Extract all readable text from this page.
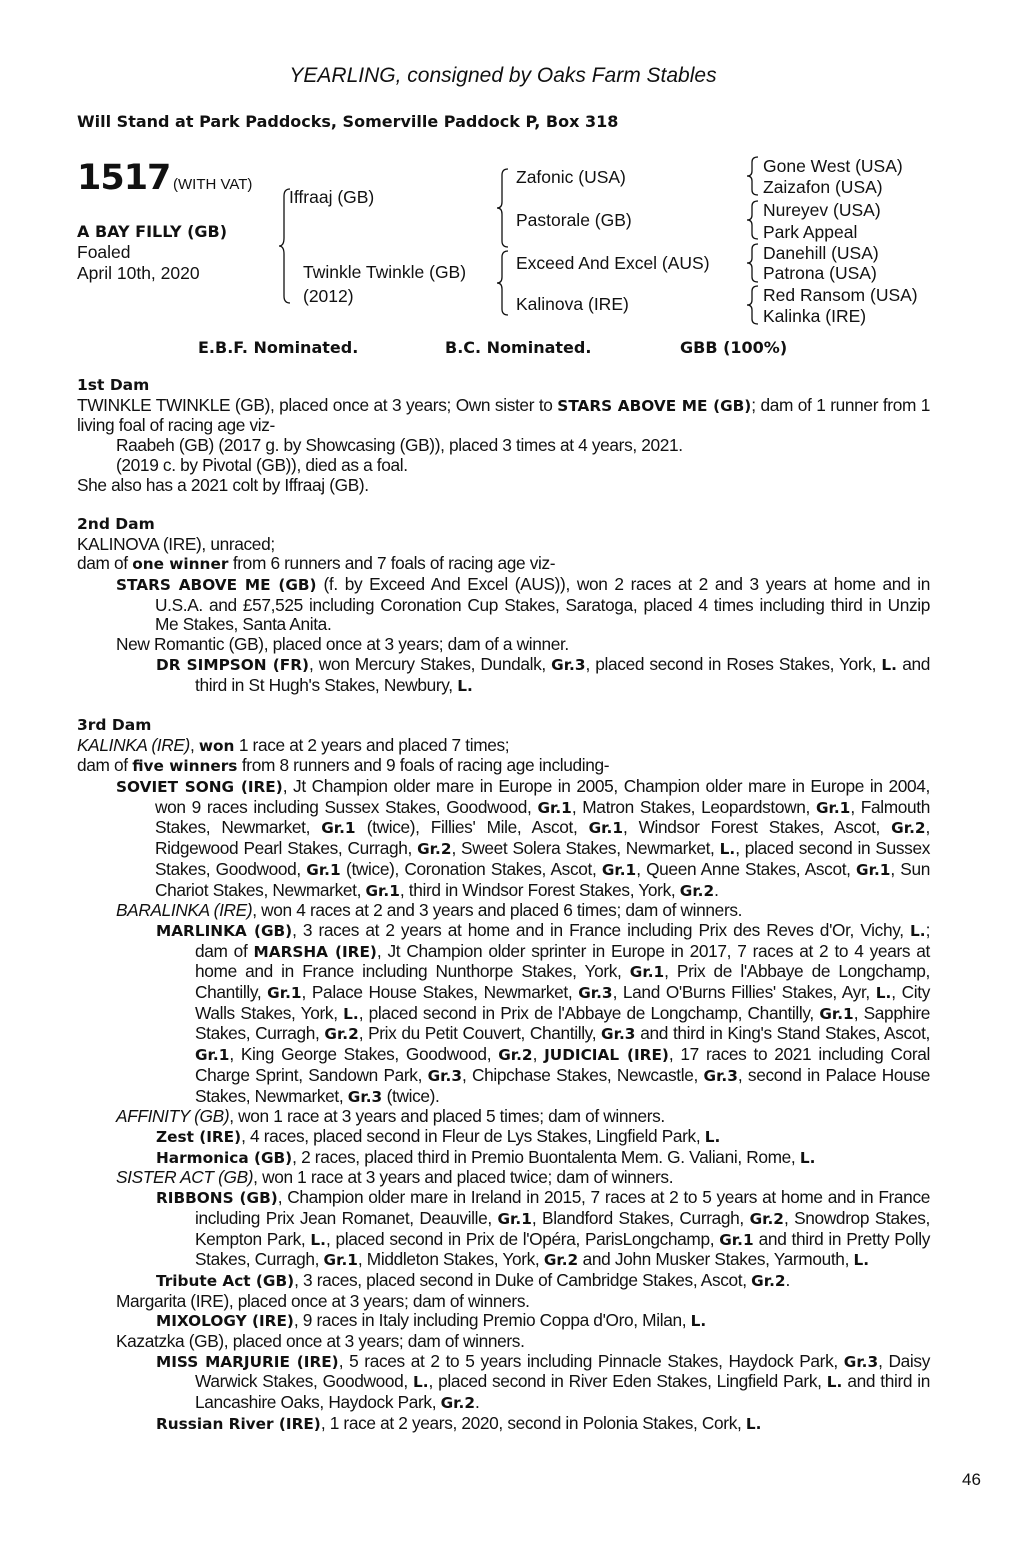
YEARLING, consigned by Oaks Farm Stables
Will Stand at Park Paddocks, Somerville Paddock P, Box 318
1517 (WITH VAT)
A BAY FILLY (GB)
Foaled
April 10th, 2020
Iffraaj (GB)
Twinkle Twinkle (GB)
(2012)
Zafonic (USA)
Pastorale (GB)
Exceed And Excel (AUS)
Kalinova (IRE)
Gone West (USA)
Zaizafon (USA)
Nureyev (USA)
Park Appeal
Danehill (USA)
Patrona (USA)
Red Ransom (USA)
Kalinka (IRE)
E.B.F. Nominated.	B.C. Nominated.	GBB (100%)
1st Dam
TWINKLE TWINKLE (GB), placed once at 3 years; Own sister to STARS ABOVE ME (GB); dam of 1 runner from 1 living foal of racing age viz-
Raabeh (GB) (2017 g. by Showcasing (GB)), placed 3 times at 4 years, 2021.
(2019 c. by Pivotal (GB)), died as a foal.
She also has a 2021 colt by Iffraaj (GB).
2nd Dam
KALINOVA (IRE), unraced;
dam of one winner from 6 runners and 7 foals of racing age viz-
STARS ABOVE ME (GB) (f. by Exceed And Excel (AUS)), won 2 races at 2 and 3 years at home and in U.S.A. and £57,525 including Coronation Cup Stakes, Saratoga, placed 4 times including third in Unzip Me Stakes, Santa Anita.
New Romantic (GB), placed once at 3 years; dam of a winner.
DR SIMPSON (FR), won Mercury Stakes, Dundalk, Gr.3, placed second in Roses Stakes, York, L. and third in St Hugh's Stakes, Newbury, L.
3rd Dam
KALINKA (IRE), won 1 race at 2 years and placed 7 times;
dam of five winners from 8 runners and 9 foals of racing age including-
SOVIET SONG (IRE), Jt Champion older mare in Europe in 2005, Champion older mare in Europe in 2004, won 9 races including Sussex Stakes, Goodwood, Gr.1, Matron Stakes, Leopardstown, Gr.1, Falmouth Stakes, Newmarket, Gr.1 (twice), Fillies' Mile, Ascot, Gr.1, Windsor Forest Stakes, Ascot, Gr.2, Ridgewood Pearl Stakes, Curragh, Gr.2, Sweet Solera Stakes, Newmarket, L., placed second in Sussex Stakes, Goodwood, Gr.1 (twice), Coronation Stakes, Ascot, Gr.1, Queen Anne Stakes, Ascot, Gr.1, Sun Chariot Stakes, Newmarket, Gr.1, third in Windsor Forest Stakes, York, Gr.2.
BARALINKA (IRE), won 4 races at 2 and 3 years and placed 6 times; dam of winners.
MARLINKA (GB), 3 races at 2 years at home and in France including Prix des Reves d'Or, Vichy, L.; dam of MARSHA (IRE), Jt Champion older sprinter in Europe in 2017, 7 races at 2 to 4 years at home and in France including Nunthorpe Stakes, York, Gr.1, Prix de l'Abbaye de Longchamp, Chantilly, Gr.1, Palace House Stakes, Newmarket, Gr.3, Land O'Burns Fillies' Stakes, Ayr, L., City Walls Stakes, York, L., placed second in Prix de l'Abbaye de Longchamp, Chantilly, Gr.1, Sapphire Stakes, Curragh, Gr.2, Prix du Petit Couvert, Chantilly, Gr.3 and third in King's Stand Stakes, Ascot, Gr.1, King George Stakes, Goodwood, Gr.2, JUDICIAL (IRE), 17 races to 2021 including Coral Charge Sprint, Sandown Park, Gr.3, Chipchase Stakes, Newcastle, Gr.3, second in Palace House Stakes, Newmarket, Gr.3 (twice).
AFFINITY (GB), won 1 race at 3 years and placed 5 times; dam of winners.
Zest (IRE), 4 races, placed second in Fleur de Lys Stakes, Lingfield Park, L.
Harmonica (GB), 2 races, placed third in Premio Buontalenta Mem. G. Valiani, Rome, L.
SISTER ACT (GB), won 1 race at 3 years and placed twice; dam of winners.
RIBBONS (GB), Champion older mare in Ireland in 2015, 7 races at 2 to 5 years at home and in France including Prix Jean Romanet, Deauville, Gr.1, Blandford Stakes, Curragh, Gr.2, Snowdrop Stakes, Kempton Park, L., placed second in Prix de l'Opéra, ParisLongchamp, Gr.1 and third in Pretty Polly Stakes, Curragh, Gr.1, Middleton Stakes, York, Gr.2 and John Musker Stakes, Yarmouth, L.
Tribute Act (GB), 3 races, placed second in Duke of Cambridge Stakes, Ascot, Gr.2.
Margarita (IRE), placed once at 3 years; dam of winners.
MIXOLOGY (IRE), 9 races in Italy including Premio Coppa d'Oro, Milan, L.
Kazatzka (GB), placed once at 3 years; dam of winners.
MISS MARJURIE (IRE), 5 races at 2 to 5 years including Pinnacle Stakes, Haydock Park, Gr.3, Daisy Warwick Stakes, Goodwood, L., placed second in River Eden Stakes, Lingfield Park, L. and third in Lancashire Oaks, Haydock Park, Gr.2.
Russian River (IRE), 1 race at 2 years, 2020, second in Polonia Stakes, Cork, L.
46
